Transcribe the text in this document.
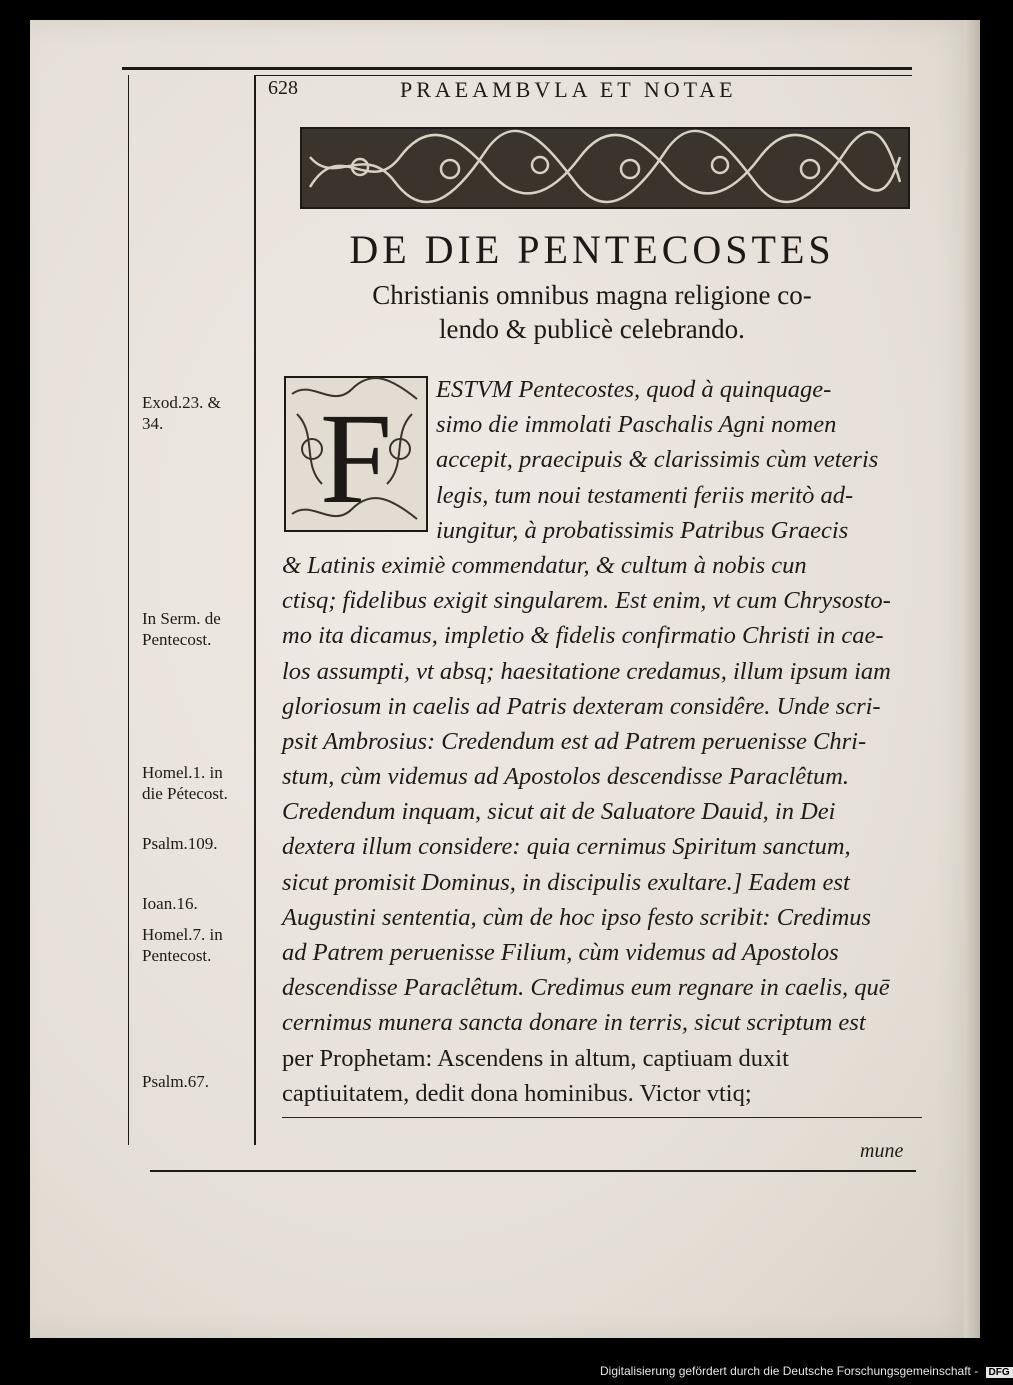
628	PRAEAMBVLA ET NOTAE
DE DIE PENTECOSTES
Christianis omnibus magna religione co-
lendo & publicè celebrando.
F	ESTVM Pentecostes, quod à quinquage-
simo die immolati Paschalis Agni nomen
accepit, praecipuis & clarissimis cùm veteris
legis, tum noui testamenti feriis meritò ad-
iungitur, à probatissimis Patribus Graecis
& Latinis eximiè commendatur, & cultum à nobis cun
ctisq; fidelibus exigit singularem. Est enim, vt cum Chrysosto-
mo ita dicamus, impletio & fidelis confirmatio Christi in cae-
los assumpti, vt absq; haesitatione credamus, illum ipsum iam
gloriosum in caelis ad Patris dexteram considêre. Unde scri-
psit Ambrosius: Credendum est ad Patrem peruenisse Chri-
stum, cùm videmus ad Apostolos descendisse Paraclêtum.
Credendum inquam, sicut ait de Saluatore Dauid, in Dei
dextera illum considere: quia cernimus Spiritum sanctum,
sicut promisit Dominus, in discipulis exultare.] Eadem est
Augustini sententia, cùm de hoc ipso festo scribit: Credimus
ad Patrem peruenisse Filium, cùm videmus ad Apostolos
descendisse Paraclêtum. Credimus eum regnare in caelis, quē
cernimus munera sancta donare in terris, sicut scriptum est
per Prophetam: Ascendens in altum, captiuam duxit
captiuitatem, dedit dona hominibus. Victor vtiq;
mune
Exod.23. &
34.
In Serm. de
Pentecost.
Homel.1. in
die Pétecost.
Psalm.109.
Ioan.16.
Homel.7. in
Pentecost.
Psalm.67.
Digitalisierung gefördert durch die Deutsche Forschungsgemeinschaft - DFG
